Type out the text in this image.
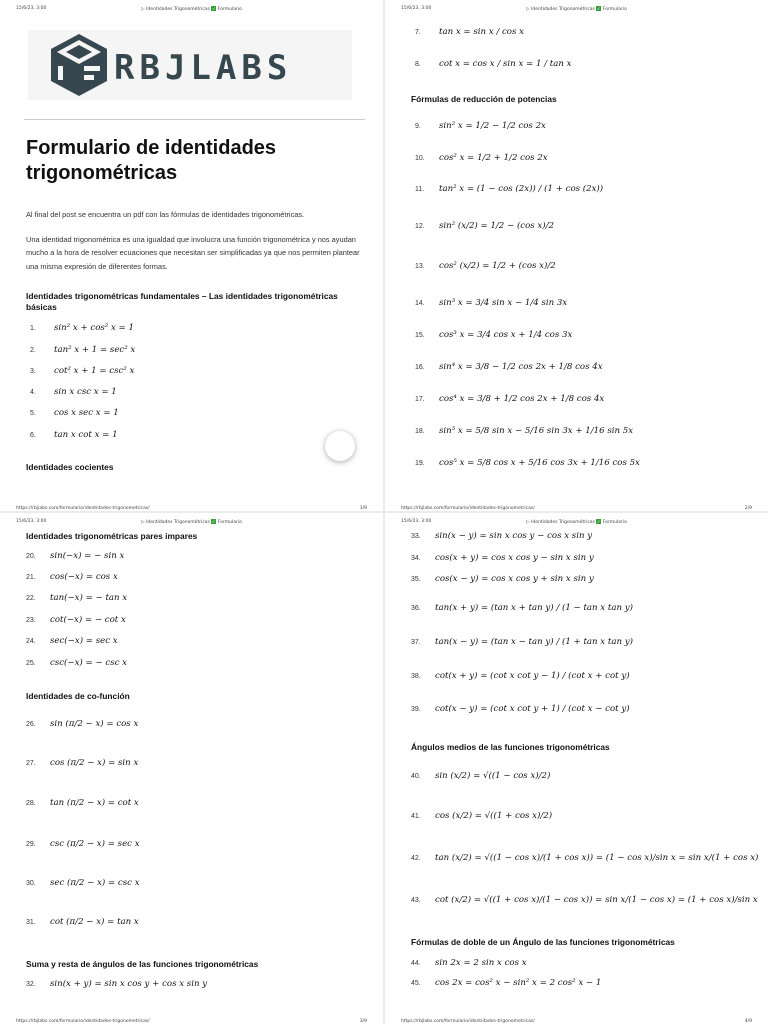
15/6/23, 3:00	▷ Identidades Trigonométricas ✓ Formulario
RBJLABS
Formulario de identidades trigonométricas

Al final del post se encuentra un pdf con las fórmulas de identidades trigonométricas.

Una identidad trigonométrica es una igualdad que involucra una función trigonométrica y nos ayudan mucho a la hora de resolver ecuaciones que necesitan ser simplificadas ya que nos permiten plantear una misma expresión de diferentes formas.

Identidades trigonométricas fundamentales – Las identidades trigonométricas básicas
1. sin² x + cos² x = 1
2. tan² x + 1 = sec² x
3. cot² x + 1 = csc² x
4. sin x csc x = 1
5. cos x sec x = 1
6. tan x cot x = 1
Identidades cocientes
https://rbjlabs.com/formulario/identidades-trigonometricas/	1/9
15/6/23, 3:00	▷ Identidades Trigonométricas ✓ Formulario
7. tan x = sin x / cos x
8. cot x = cos x / sin x = 1 / tan x
Fórmulas de reducción de potencias
9. sin² x = 1/2 − 1/2 cos 2x
10. cos² x = 1/2 + 1/2 cos 2x
11. tan² x = (1 − cos (2x)) / (1 + cos (2x))
12. sin² (x/2) = 1/2 − (cos x)/2
13. cos² (x/2) = 1/2 + (cos x)/2
14. sin³ x = 3/4 sin x − 1/4 sin 3x
15. cos³ x = 3/4 cos x + 1/4 cos 3x
16. sin⁴ x = 3/8 − 1/2 cos 2x + 1/8 cos 4x
17. cos⁴ x = 3/8 + 1/2 cos 2x + 1/8 cos 4x
18. sin⁵ x = 5/8 sin x − 5/16 sin 3x + 1/16 sin 5x
19. cos⁵ x = 5/8 cos x + 5/16 cos 3x + 1/16 cos 5x
https://rbjlabs.com/formulario/identidades-trigonometricas/	2/9
15/6/23, 3:00	▷ Identidades Trigonométricas ✓ Formulario
Identidades trigonométricas pares impares
20. sin(−x) = − sin x
21. cos(−x) = cos x
22. tan(−x) = − tan x
23. cot(−x) = − cot x
24. sec(−x) = sec x
25. csc(−x) = − csc x
Identidades de co-función
26. sin (π/2 − x) = cos x
27. cos (π/2 − x) = sin x
28. tan (π/2 − x) = cot x
29. csc (π/2 − x) = sec x
30. sec (π/2 − x) = csc x
31. cot (π/2 − x) = tan x
Suma y resta de ángulos de las funciones trigonométricas
32. sin(x + y) = sin x cos y + cos x sin y
https://rbjlabs.com/formulario/identidades-trigonometricas/	3/9
15/6/23, 3:00	▷ Identidades Trigonométricas ✓ Formulario
33. sin(x − y) = sin x cos y − cos x sin y
34. cos(x + y) = cos x cos y − sin x sin y
35. cos(x − y) = cos x cos y + sin x sin y
36. tan(x + y) = (tan x + tan y) / (1 − tan x tan y)
37. tan(x − y) = (tan x − tan y) / (1 + tan x tan y)
38. cot(x + y) = (cot x cot y − 1) / (cot x + cot y)
39. cot(x − y) = (cot x cot y + 1) / (cot x − cot y)
Ángulos medios de las funciones trigonométricas
40. sin (x/2) = √((1 − cos x)/2)
41. cos (x/2) = √((1 + cos x)/2)
42. tan (x/2) = √((1 − cos x)/(1 + cos x)) = (1 − cos x)/sin x = sin x/(1 + cos x)
43. cot (x/2) = √((1 + cos x)/(1 − cos x)) = sin x/(1 − cos x) = (1 + cos x)/sin x
Fórmulas de doble de un Ángulo de las funciones trigonométricas
44. sin 2x = 2 sin x cos x
45. cos 2x = cos² x − sin² x = 2 cos² x − 1
https://rbjlabs.com/formulario/identidades-trigonometricas/	4/9
